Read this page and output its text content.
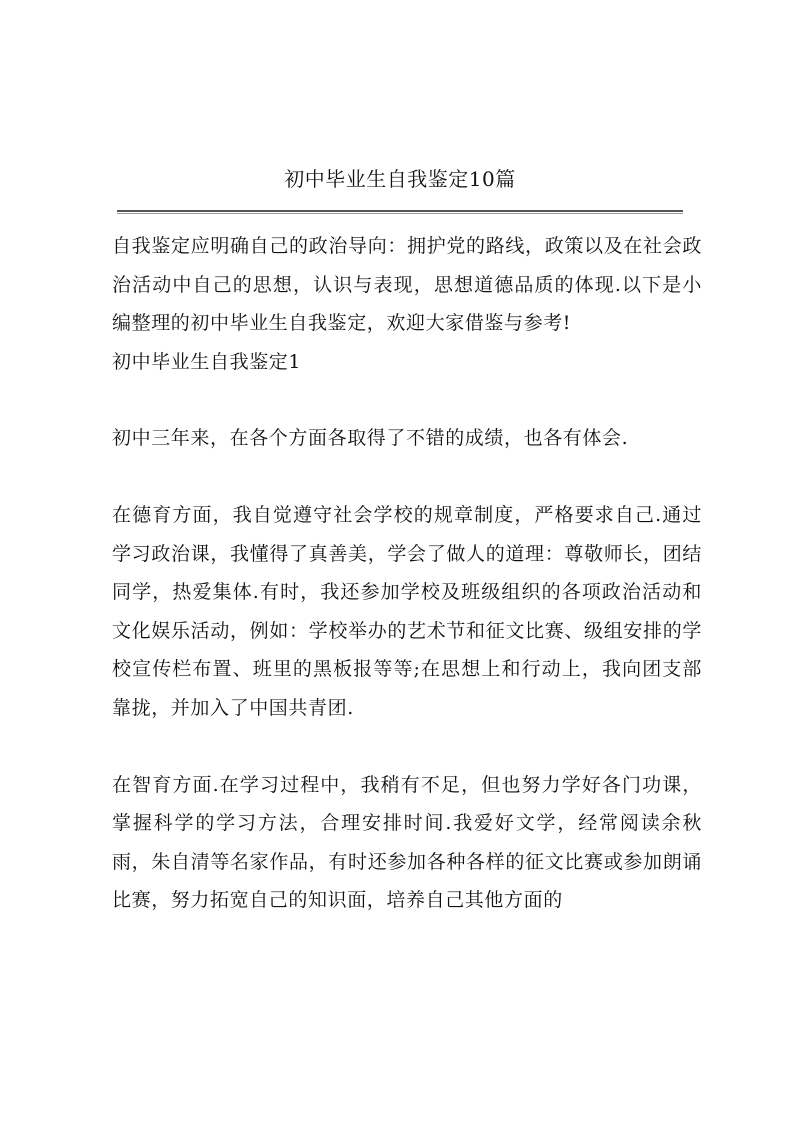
初中毕业生自我鉴定10篇

自我鉴定应明确自己的政治导向：拥护党的路线，政策以及在社会政治活动中自己的思想，认识与表现，思想道德品质的体现.以下是小编整理的初中毕业生自我鉴定，欢迎大家借鉴与参考!

初中毕业生自我鉴定1

初中三年来，在各个方面各取得了不错的成绩，也各有体会.

在德育方面，我自觉遵守社会学校的规章制度，严格要求自己.通过学习政治课，我懂得了真善美，学会了做人的道理：尊敬师长，团结同学，热爱集体.有时，我还参加学校及班级组织的各项政治活动和文化娱乐活动，例如：学校举办的艺术节和征文比赛、级组安排的学校宣传栏布置、班里的黑板报等等;在思想上和行动上，我向团支部靠拢，并加入了中国共青团.

在智育方面.在学习过程中，我稍有不足，但也努力学好各门功课，掌握科学的学习方法，合理安排时间.我爱好文学，经常阅读余秋雨，朱自清等名家作品，有时还参加各种各样的征文比赛或参加朗诵比赛，努力拓宽自己的知识面，培养自己其他方面的
